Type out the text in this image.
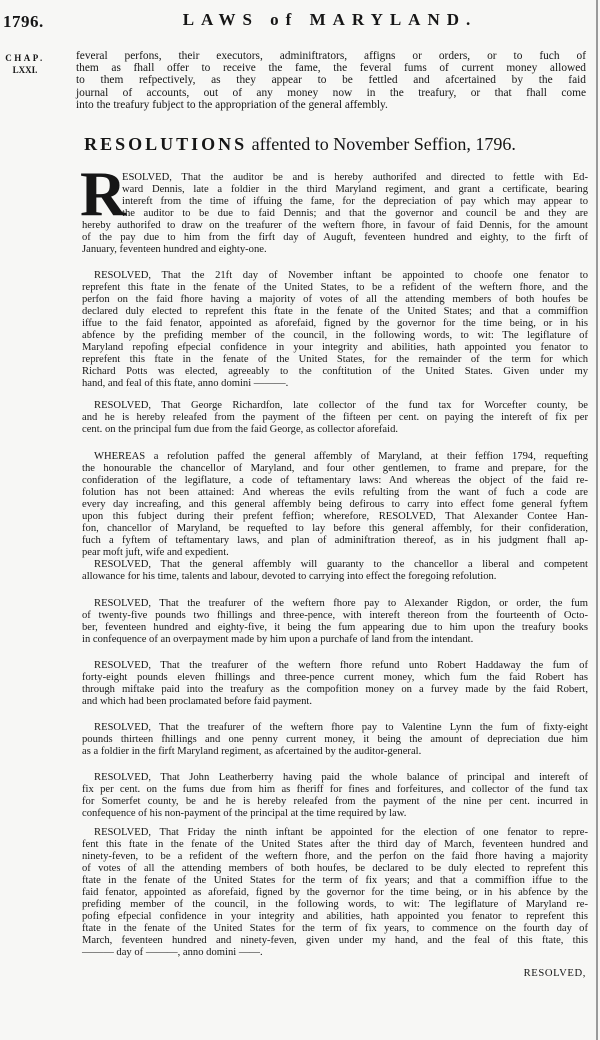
1796.	LAWS of MARYLAND.
CHAP.
LXXI.
feveral perfons, their executors, adminiftrators, affigns or orders, or to fuch of
them as fhall offer to receive the fame, the feveral fums of current money allowed
to them refpectively, as they appear to be fettled and afcertained by the faid
journal of accounts, out of any money now in the treafury, or that fhall come
into the treafury fubject to the appropriation of the general affembly.
RESOLUTIONS affented to November Seffion, 1796.
R
ESOLVED, That the auditor be and is hereby authorifed and directed to fettle with Ed-
ward Dennis, late a foldier in the third Maryland regiment, and grant a certificate, bearing
intereft from the time of iffuing the fame, for the depreciation of pay which may appear to
the auditor to be due to faid Dennis; and that the governor and council be and they are
hereby authorifed to draw on the treafurer of the weftern fhore, in favour of faid Dennis, for the amount
of the pay due to him from the firft day of Auguft, feventeen hundred and eighty, to the firft of
January, feventeen hundred and eighty-one.
RESOLVED, That the 21ft day of November inftant be appointed to choofe one fenator to
reprefent this ftate in the fenate of the United States, to be a refident of the weftern fhore, and the
perfon on the faid fhore having a majority of votes of all the attending members of both houfes be
declared duly elected to reprefent this ftate in the fenate of the United States; and that a commiffion
iffue to the faid fenator, appointed as aforefaid, figned by the governor for the time being, or in his
abfence by the prefiding member of the council, in the following words, to wit: The legiflature of
Maryland repofing efpecial confidence in your integrity and abilities, hath appointed you fenator to
reprefent this ftate in the fenate of the United States, for the remainder of the term for which
Richard Potts was elected, agreeably to the conftitution of the United States. Given under my
hand, and feal of this ftate, anno domini ———.
RESOLVED, That George Richardfon, late collector of the fund tax for Worcefter county, be
and he is hereby releafed from the payment of the fifteen per cent. on paying the intereft of fix per
cent. on the principal fum due from the faid George, as collector aforefaid.
WHEREAS a refolution paffed the general affembly of Maryland, at their feffion 1794, requefting
the honourable the chancellor of Maryland, and four other gentlemen, to frame and prepare, for the
confideration of the legiflature, a code of teftamentary laws: And whereas the object of the faid re-
folution has not been attained: And whereas the evils refulting from the want of fuch a code are
every day increafing, and this general affembly being defirous to carry into effect fome general fyftem
upon this fubject during their prefent feffion; wherefore, RESOLVED, That Alexander Contee Han-
fon, chancellor of Maryland, be requefted to lay before this general affembly, for their confideration,
fuch a fyftem of teftamentary laws, and plan of adminiftration thereof, as in his judgment fhall ap-
pear moft juft, wife and expedient.
RESOLVED, That the general affembly will guaranty to the chancellor a liberal and competent
allowance for his time, talents and labour, devoted to carrying into effect the foregoing refolution.
RESOLVED, That the treafurer of the weftern fhore pay to Alexander Rigdon, or order, the fum
of twenty-five pounds two fhillings and three-pence, with intereft thereon from the fourteenth of Octo-
ber, feventeen hundred and eighty-five, it being the fum appearing due to him upon the treafury books
in confequence of an overpayment made by him upon a purchafe of land from the intendant.
RESOLVED, That the treafurer of the weftern fhore refund unto Robert Haddaway the fum of
forty-eight pounds eleven fhillings and three-pence current money, which fum the faid Robert has
through miftake paid into the treafury as the compofition money on a furvey made by the faid Robert,
and which had been proclamated before faid payment.
RESOLVED, That the treafurer of the weftern fhore pay to Valentine Lynn the fum of fixty-eight
pounds thirteen fhillings and one penny current money, it being the amount of depreciation due him
as a foldier in the firft Maryland regiment, as afcertained by the auditor-general.
RESOLVED, That John Leatherberry having paid the whole balance of principal and intereft of
fix per cent. on the fums due from him as fheriff for fines and forfeitures, and collector of the fund tax
for Somerfet county, be and he is hereby releafed from the payment of the nine per cent. incurred in
confequence of his non-payment of the principal at the time required by law.
RESOLVED, That Friday the ninth inftant be appointed for the election of one fenator to repre-
fent this ftate in the fenate of the United States after the third day of March, feventeen hundred and
ninety-feven, to be a refident of the weftern fhore, and the perfon on the faid fhore having a majority
of votes of all the attending members of both houfes, be declared to be duly elected to reprefent this
ftate in the fenate of the United States for the term of fix years; and that a commiffion iffue to the
faid fenator, appointed as aforefaid, figned by the governor for the time being, or in his abfence by the
prefiding member of the council, in the following words, to wit: The legiflature of Maryland re-
pofing efpecial confidence in your integrity and abilities, hath appointed you fenator to reprefent this
ftate in the fenate of the United States for the term of fix years, to commence on the fourth day of
March, feventeen hundred and ninety-feven, given under my hand, and the feal of this ftate, this
——— day of ———, anno domini ——.
RESOLVED,
